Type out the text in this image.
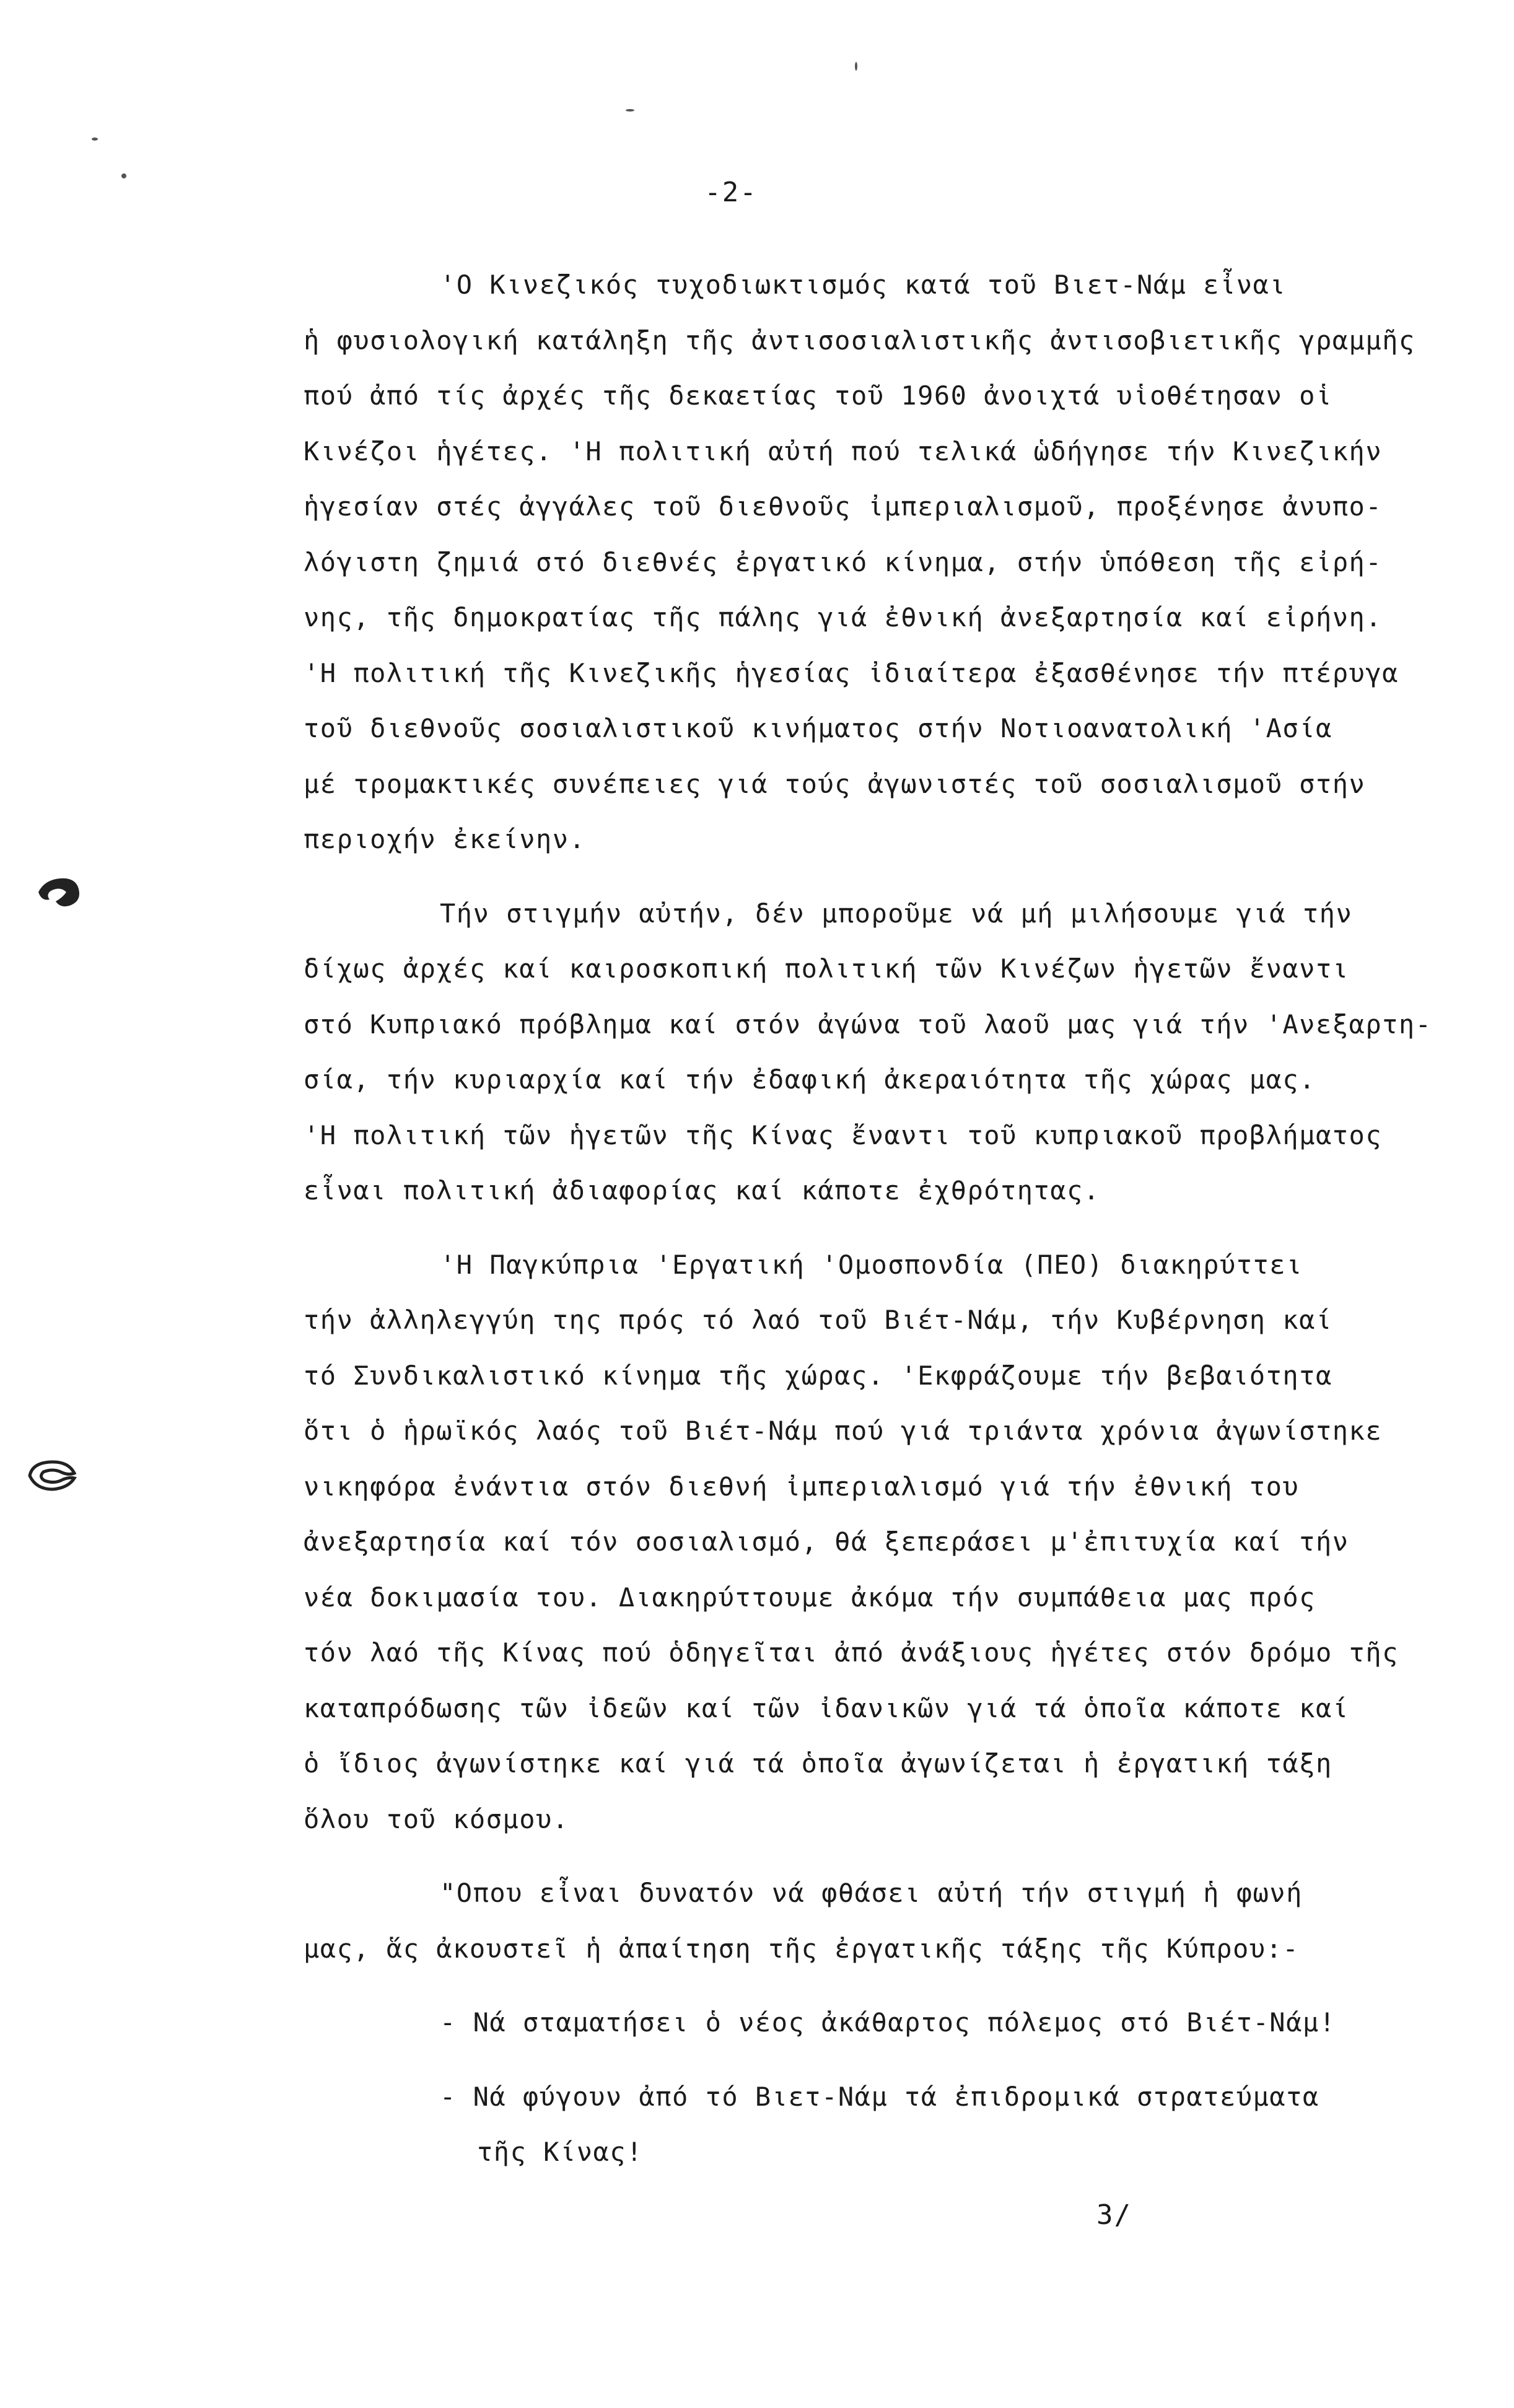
-2-
'Ο Κινεζικός τυχοδιωκτισμός κατά τοῦ Βιετ-Νάμ εἶναι
ἡ φυσιολογική κατάληξη τῆς ἀντισοσιαλιστικῆς ἀντισοβιετικῆς γραμμῆς
πού ἀπό τίς ἀρχές τῆς δεκαετίας τοῦ 1960 ἀνοιχτά υἱοθέτησαν οἱ
Κινέζοι ἡγέτες. 'Η πολιτική αὐτή πού τελικά ὡδήγησε τήν Κινεζικήν
ἡγεσίαν στές ἀγγάλες τοῦ διεθνοῦς ἰμπεριαλισμοῦ, προξένησε ἀνυπο-
λόγιστη ζημιά στό διεθνές ἐργατικό κίνημα, στήν ὑπόθεση τῆς εἰρή-
νης, τῆς δημοκρατίας τῆς πάλης γιά ἐθνική ἀνεξαρτησία καί εἰρήνη.
'Η πολιτική τῆς Κινεζικῆς ἡγεσίας ἰδιαίτερα ἐξασθένησε τήν πτέρυγα
τοῦ διεθνοῦς σοσιαλιστικοῦ κινήματος στήν Νοτιοανατολική 'Ασία
μέ τρομακτικές συνέπειες γιά τούς ἀγωνιστές τοῦ σοσιαλισμοῦ στήν
περιοχήν ἐκείνην.
Τήν στιγμήν αὐτήν, δέν μποροῦμε νά μή μιλήσουμε γιά τήν
δίχως ἀρχές καί καιροσκοπική πολιτική τῶν Κινέζων ἡγετῶν ἔναντι
στό Κυπριακό πρόβλημα καί στόν ἀγώνα τοῦ λαοῦ μας γιά τήν 'Ανεξαρτη-
σία, τήν κυριαρχία καί τήν ἐδαφική ἀκεραιότητα τῆς χώρας μας.
'Η πολιτική τῶν ἡγετῶν τῆς Κίνας ἔναντι τοῦ κυπριακοῦ προβλήματος
εἶναι πολιτική ἀδιαφορίας καί κάποτε ἐχθρότητας.
'Η Παγκύπρια 'Εργατική 'Ομοσπονδία (ΠΕΟ) διακηρύττει
τήν ἀλληλεγγύη της πρός τό λαό τοῦ Βιέτ-Νάμ, τήν Κυβέρνηση καί
τό Συνδικαλιστικό κίνημα τῆς χώρας. 'Εκφράζουμε τήν βεβαιότητα
ὅτι ὁ ἡρωϊκός λαός τοῦ Βιέτ-Νάμ πού γιά τριάντα χρόνια ἀγωνίστηκε
νικηφόρα ἐνάντια στόν διεθνή ἰμπεριαλισμό γιά τήν ἐθνική του
ἀνεξαρτησία καί τόν σοσιαλισμό, θά ξεπεράσει μ'ἐπιτυχία καί τήν
νέα δοκιμασία του. Διακηρύττουμε ἀκόμα τήν συμπάθεια μας πρός
τόν λαό τῆς Κίνας πού ὁδηγεῖται ἀπό ἀνάξιους ἡγέτες στόν δρόμο τῆς
καταπρόδωσης τῶν ἰδεῶν καί τῶν ἰδανικῶν γιά τά ὁποῖα κάποτε καί
ὁ ἴδιος ἀγωνίστηκε καί γιά τά ὁποῖα ἀγωνίζεται ἡ ἐργατική τάξη
ὅλου τοῦ κόσμου.
"Οπου εἶναι δυνατόν νά φθάσει αὐτή τήν στιγμή ἡ φωνή
μας, ἅς ἀκουστεῖ ἡ ἀπαίτηση τῆς ἐργατικῆς τάξης τῆς Κύπρου:-
- Νά σταματήσει ὁ νέος ἀκάθαρτος πόλεμος στό Βιέτ-Νάμ!
- Νά φύγουν ἀπό τό Βιετ-Νάμ τά ἐπιδρομικά στρατεύματα
τῆς Κίνας!
3/
